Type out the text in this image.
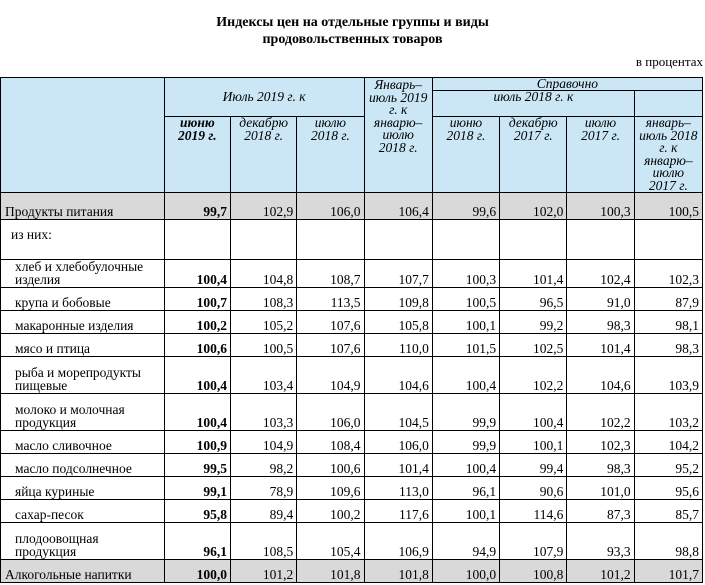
Индексы цен на отдельные группы и виды
продовольственных товаров
в процентах
	Июль 2019 г. к			Январь–июль 2019 г. к январю–июлю 2018 г.	Справочно
июль 2018 г. к			

	июню 2019 г.	декабрю 2018 г.	июлю 2018 г.		июню 2018 г.	декабрю 2017 г.	июлю 2017 г.	январь–июль 2018 г. к январю–июлю 2017 г.
Продукты питания	99,7	102,9	106,0	106,4	99,6	102,0	100,3	100,5
из них:								
хлеб и хлебобулочные изделия	100,4	104,8	108,7	107,7	100,3	101,4	102,4	102,3
крупа и бобовые	100,7	108,3	113,5	109,8	100,5	96,5	91,0	87,9
макаронные изделия	100,2	105,2	107,6	105,8	100,1	99,2	98,3	98,1
мясо и птица	100,6	100,5	107,6	110,0	101,5	102,5	101,4	98,3
рыба и морепродукты пищевые	100,4	103,4	104,9	104,6	100,4	102,2	104,6	103,9
молоко и молочная продукция	100,4	103,3	106,0	104,5	99,9	100,4	102,2	103,2
масло сливочное	100,9	104,9	108,4	106,0	99,9	100,1	102,3	104,2
масло подсолнечное	99,5	98,2	100,6	101,4	100,4	99,4	98,3	95,2
яйца куриные	99,1	78,9	109,6	113,0	96,1	90,6	101,0	95,6
сахар-песок	95,8	89,4	100,2	117,6	100,1	114,6	87,3	85,7
плодоовощная продукция	96,1	108,5	105,4	106,9	94,9	107,9	93,3	98,8
Алкогольные напитки	100,0	101,2	101,8	101,8	100,0	100,8	101,2	101,7
